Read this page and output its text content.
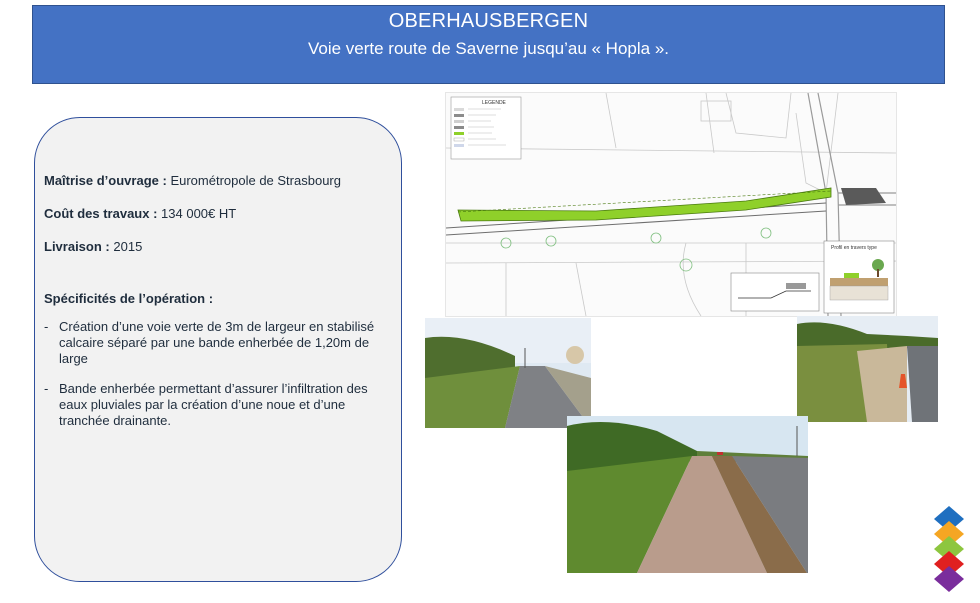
OBERHAUSBERGEN
Voie verte route de Saverne jusqu’au « Hopla ».
Maîtrise d’ouvrage : Eurométropole de Strasbourg
Coût des travaux : 134 000€ HT
Livraison : 2015
Spécificités de l’opération :
- Création d’une voie verte de 3m de largeur en stabilisé calcaire séparé par une bande enherbée de 1,20m de large
- Bande enherbée permettant d’assurer l’infiltration des eaux pluviales par la création d’une noue et d’une tranchée drainante.
LEGENDE
Profil en travers type
